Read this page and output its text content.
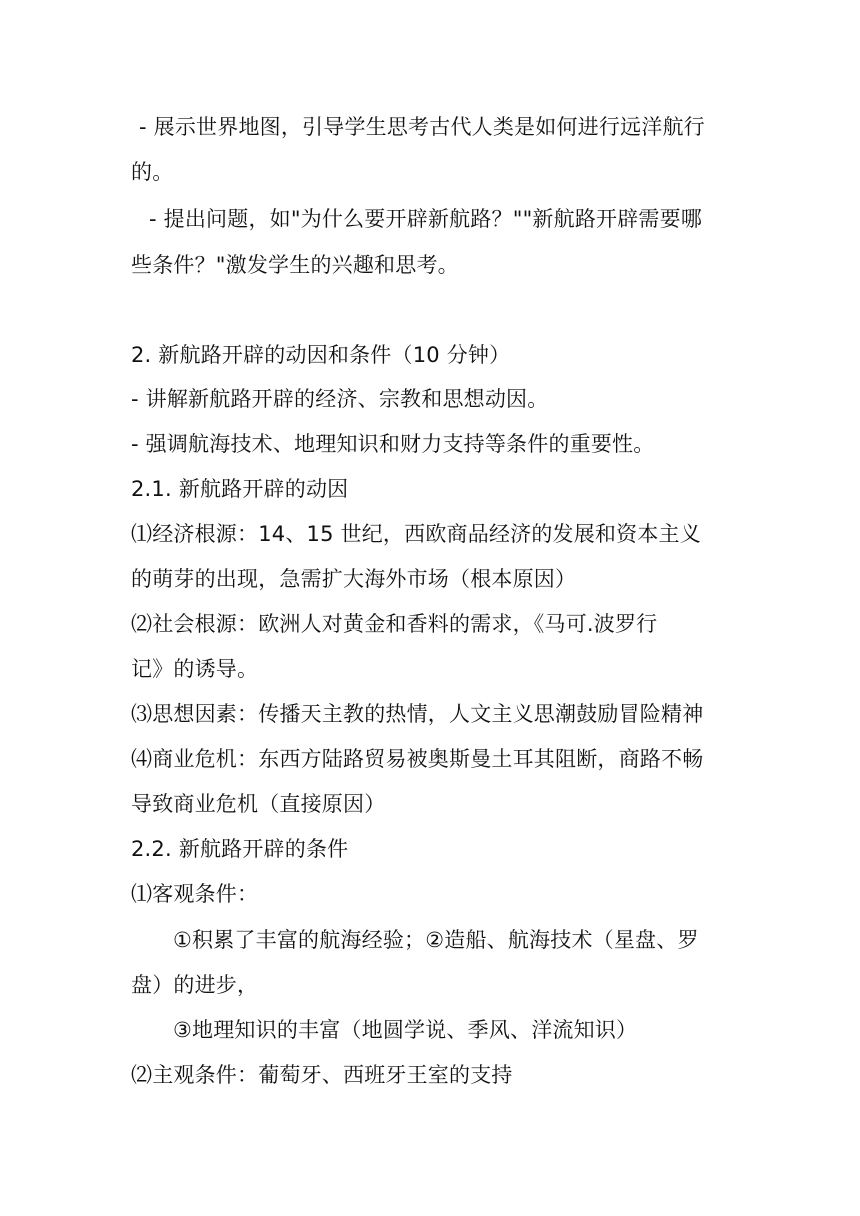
- 展示世界地图，引导学生思考古代人类是如何进行远洋航行
的。
- 提出问题，如"为什么要开辟新航路？""新航路开辟需要哪
些条件？"激发学生的兴趣和思考。
2. 新航路开辟的动因和条件（10 分钟）
- 讲解新航路开辟的经济、宗教和思想动因。
- 强调航海技术、地理知识和财力支持等条件的重要性。
2.1. 新航路开辟的动因
⑴经济根源：14、15 世纪，西欧商品经济的发展和资本主义
的萌芽的出现，急需扩大海外市场（根本原因）
⑵社会根源：欧洲人对黄金和香料的需求，《马可.波罗行
记》的诱导。
⑶思想因素：传播天主教的热情，人文主义思潮鼓励冒险精神
⑷商业危机：东西方陆路贸易被奥斯曼土耳其阻断，商路不畅
导致商业危机（直接原因）
2.2. 新航路开辟的条件
⑴客观条件：
①积累了丰富的航海经验；②造船、航海技术（星盘、罗
盘）的进步，
③地理知识的丰富（地圆学说、季风、洋流知识）
⑵主观条件：葡萄牙、西班牙王室的支持
